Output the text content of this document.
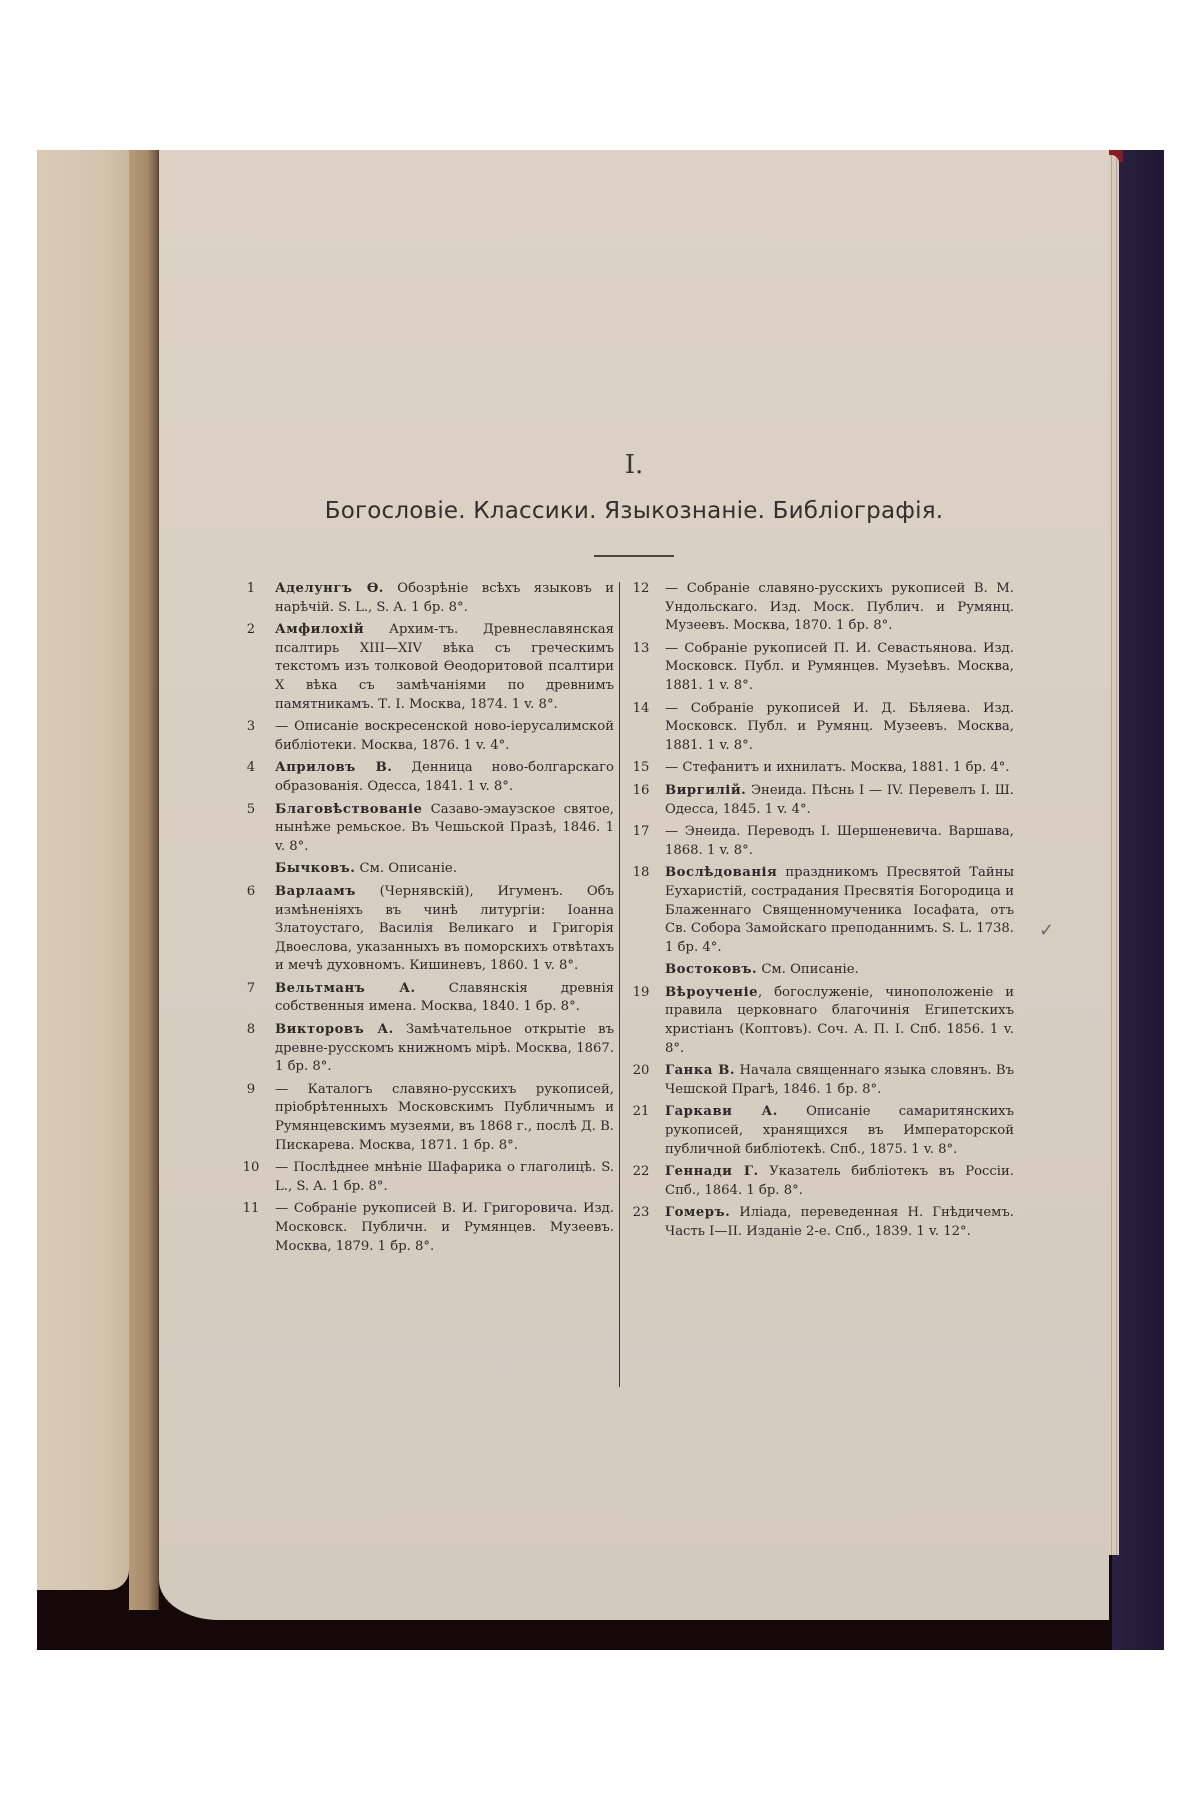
I.
Богословіе. Классики. Языкознаніе. Библіографія.
1	Аделунгъ Ѳ. Обозрѣніе всѣхъ языковъ и нарѣчій. S. L., S. A. 1 бр. 8°.
2	Амфилохій Архим-тъ. Древнеславянская псалтирь XIII—XIV вѣка съ греческимъ текстомъ изъ толковой Ѳеодоритовой псалтири X вѣка съ замѣчаніями по древнимъ памятникамъ. Т. I. Москва, 1874. 1 v. 8°.
3	— Описаніе воскресенской ново-іерусалимской библіотеки. Москва, 1876. 1 v. 4°.
4	Априловъ В. Денница ново-болгарскаго образованія. Одесса, 1841. 1 v. 8°.
5	Благовѣствованіе Сазаво-эмаузское святое, нынѣже ремьское. Въ Чешьской Празѣ, 1846. 1 v. 8°.
Бычковъ. См. Описаніе.
6	Варлаамъ (Чернявскій), Игуменъ. Объ измѣненіяхъ въ чинѣ литургіи: Іоанна Златоустаго, Василія Великаго и Григорія Двоеслова, указанныхъ въ поморскихъ отвѣтахъ и мечѣ духовномъ. Кишиневъ, 1860. 1 v. 8°.
7	Вельтманъ А. Славянскія древнія собственныя имена. Москва, 1840. 1 бр. 8°.
8	Викторовъ А. Замѣчательное открытіе въ древне-русскомъ книжномъ мірѣ. Москва, 1867. 1 бр. 8°.
9	— Каталогъ славяно-русскихъ рукописей, пріобрѣтенныхъ Московскимъ Публичнымъ и Румянцевскимъ музеями, въ 1868 г., послѣ Д. В. Пискарева. Москва, 1871. 1 бр. 8°.
10 — Послѣднее мнѣніе Шафарика о глаголицѣ. S. L., S. A. 1 бр. 8°.
11 — Собраніе рукописей В. И. Григоровича. Изд. Московск. Публичн. и Румянцев. Музеевъ. Москва, 1879. 1 бр. 8°.
12 — Собраніе славяно-русскихъ рукописей В. М. Ундольскаго. Изд. Моск. Публич. и Румянц. Музеевъ. Москва, 1870. 1 бр. 8°.
13 — Собраніе рукописей П. И. Севастьянова. Изд. Московск. Публ. и Румянцев. Музеѣвъ. Москва, 1881. 1 v. 8°.
14 — Собраніе рукописей И. Д. Бѣляева. Изд. Московск. Публ. и Румянц. Музеевъ. Москва, 1881. 1 v. 8°.
15 — Стефанитъ и ихнилатъ. Москва, 1881. 1 бр. 4°.
16 Виргилій. Энеида. Пѣснь I — IV. Перевелъ I. Ш. Одесса, 1845. 1 v. 4°.
17 — Энеида. Переводъ I. Шершеневича. Варшава, 1868. 1 v. 8°.
18 Вослѣдованія праздникомъ Пресвятой Тайны Еухаристій, сострадания Пресвятія Богородица и Блаженнаго Священномученика Іосафата, отъ Св. Собора Замойскаго преподаннимъ. S. L. 1738. 1 бр. 4°.
Востоковъ. См. Описаніе.
19 Вѣроученіе, богослуженіе, чиноположеніе и правила церковнаго благочинія Египетскихъ христіанъ (Коптовъ). Соч. А. П. I. Спб. 1856. 1 v. 8°.
20 Ганка В. Начала священнаго языка словянъ. Въ Чешской Прагѣ, 1846. 1 бр. 8°.
21 Гаркави А. Описаніе самаритянскихъ рукописей, хранящихся въ Императорской публичной библіотекѣ. Спб., 1875. 1 v. 8°.
22 Геннади Г. Указатель библіотекъ въ Россіи. Спб., 1864. 1 бр. 8°.
23 Гомеръ. Иліада, переведенная Н. Гнѣдичемъ. Часть I—II. Изданіе 2-е. Спб., 1839. 1 v. 12°.
✓
